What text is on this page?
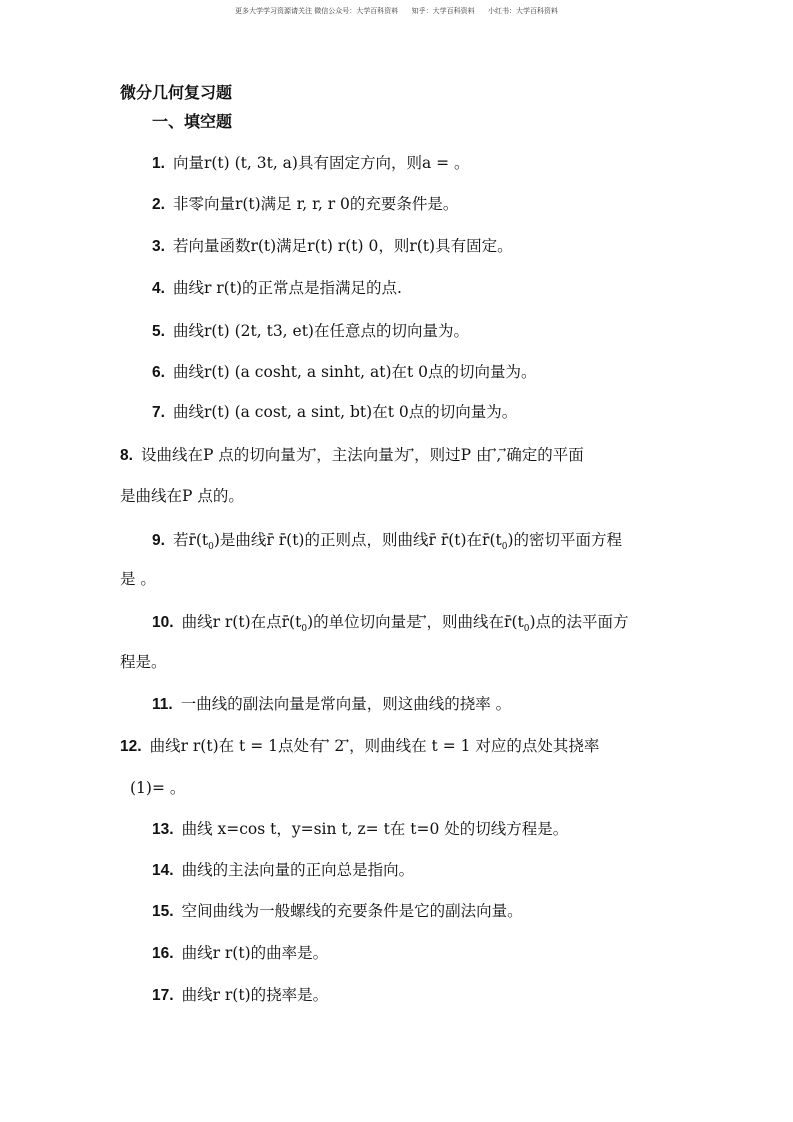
更多大学学习资源请关注 微信公众号：大学百科资料      知乎：大学百科资料      小红书：大学百科资料
微分几何复习题
一、填空题
1. 向量r(t) (t, 3t, a)具有固定方向，则a = 。
2. 非零向量r(t)满足 r, r, r 0的充要条件是。
3. 若向量函数r(t)满足r(t) r(t) 0，则r(t)具有固定。
4. 曲线r r(t)的正常点是指满足的点.
5. 曲线r(t) (2t, t3, et)在任意点的切向量为。
6. 曲线r(t) (a cosht, a sinht, at)在t 0点的切向量为。
7. 曲线r(t) (a cost, a sint, bt)在t 0点的切向量为。
8. 设曲线在P 点的切向量为 ⃗，主法向量为 ⃗，则过P 由 ⃗, ⃗确定的平面
是曲线在P 点的。
9. 若$r̄(t_0)$是曲线r̄ r̄(t)的正则点，则曲线r̄ r̄(t)在$r̄(t_0)$的密切平面方程
是 。
10. 曲线r r(t)在点$r̄(t_0)$的单位切向量是 ⃗，则曲线在$r̄(t_0)$点的法平面方
程是。
11. 一曲线的副法向量是常向量，则这曲线的挠率 。
12. 曲线r r(t)在 t = 1点处有 ⃗ 2 ⃗，则曲线在 t = 1 对应的点处其挠率
(1)= 。
13. 曲线 x=cos t，y=sin t, z= t在 t=0 处的切线方程是。
14. 曲线的主法向量的正向总是指向。
15. 空间曲线为一般螺线的充要条件是它的副法向量。
16. 曲线r r(t)的曲率是。
17. 曲线r r(t)的挠率是。
